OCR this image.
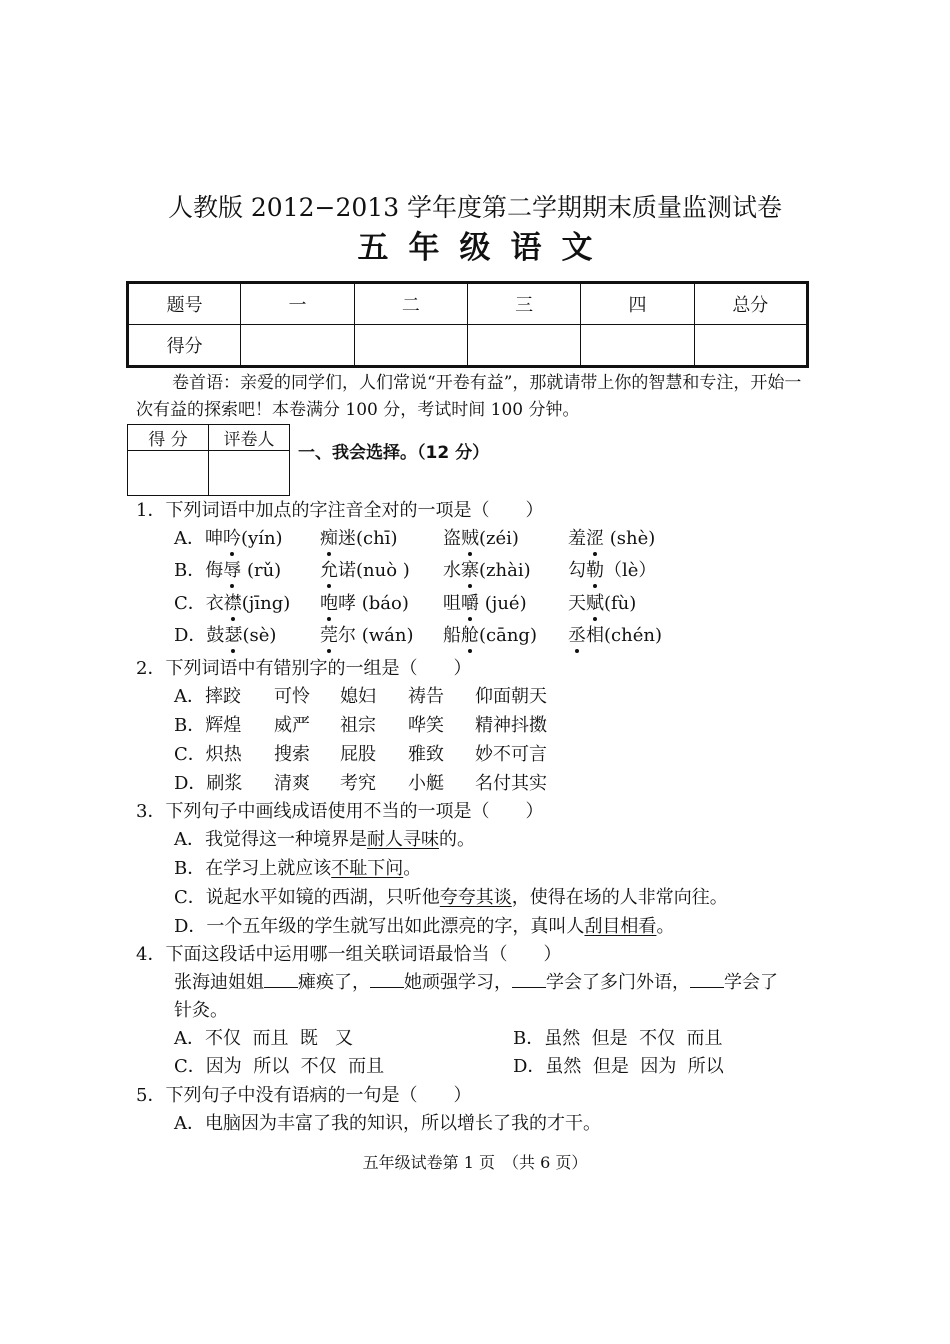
人教版 2012−2013 学年度第二学期期末质量监测试卷
五年级语文
题号	一	二	三	四	总分
得分					
卷首语：亲爱的同学们，人们常说“开卷有益”，那就请带上你的智慧和专注，开始一次有益的探索吧！本卷满分 100 分，考试时间 100 分钟。
得 分	评卷人

一、我会选择。（12 分）
1．下列词语中加点的字注音全对的一项是（　　）
A．呻吟(yín) 痴迷(chī)	盗贼(zéi)	羞涩 (shè)
B．侮辱 (rǔ) 允诺(nuò ) 水寨(zhài) 勾勒（lè）
C．衣襟(jīng) 咆哮 (báo) 咀嚼 (jué) 天赋(fù)
D．鼓瑟(sè) 莞尔 (wán) 船舱(cāng) 丞相(chén)
2．下列词语中有错别字的一组是（　　）
A．摔跤 可怜 媳妇 祷告 仰面朝天
B．辉煌 威严 祖宗 哗笑 精神抖擞
C．炽热 搜索 屁股 雅致 妙不可言
D．刷浆 清爽 考究 小艇 名付其实
3．下列句子中画线成语使用不当的一项是（　　）
A．我觉得这一种境界是耐人寻味的。
B．在学习上就应该不耻下问。
C．说起水平如镜的西湖，只听他夸夸其谈，使得在场的人非常向往。
D．一个五年级的学生就写出如此漂亮的字，真叫人刮目相看。
4．下面这段话中运用哪一组关联词语最恰当（　　）
张海迪姐姐 瘫痪了， 她顽强学习， 学会了多门外语， 学会了
针灸。
A．不仅  而且  既   又	B．虽然  但是  不仅  而且
C．因为  所以  不仅  而且	D．虽然  但是  因为  所以
5．下列句子中没有语病的一句是（　　）
A．电脑因为丰富了我的知识，所以增长了我的才干。
五年级试卷第 1 页　（共 6 页）
